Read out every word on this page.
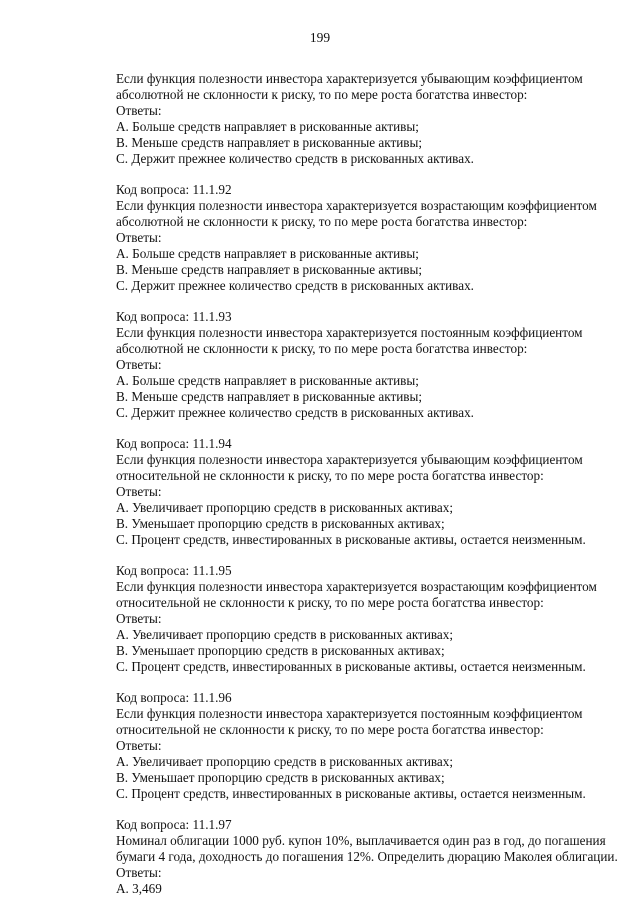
199

Если функция полезности инвестора характеризуется убывающим коэффициентом

абсолютной не склонности к риску, то по мере роста богатства инвестор:

Ответы:

А. Больше средств направляет в рискованные активы;

В. Меньше средств направляет в рискованные активы;

С. Держит прежнее количество средств в рискованных активах.

Код вопроса: 11.1.92

Если функция полезности инвестора характеризуется возрастающим коэффициентом

абсолютной не склонности к риску, то по мере роста богатства инвестор:

Ответы:

А. Больше средств направляет в рискованные активы;

В. Меньше средств направляет в рискованные активы;

С. Держит прежнее количество средств в рискованных активах.

Код вопроса: 11.1.93

Если функция полезности инвестора характеризуется постоянным коэффициентом

абсолютной не склонности к риску, то по мере роста богатства инвестор:

Ответы:

А. Больше средств направляет в рискованные активы;

В. Меньше средств направляет в рискованные активы;

С. Держит прежнее количество средств в рискованных активах.

Код вопроса: 11.1.94

Если функция полезности инвестора характеризуется убывающим коэффициентом

относительной не склонности к риску, то по мере роста богатства инвестор:

Ответы:

А. Увеличивает пропорцию средств в рискованных активах;

В. Уменьшает пропорцию средств в рискованных активах;

С. Процент средств, инвестированных в рискованые активы, остается неизменным.

Код вопроса: 11.1.95

Если функция полезности инвестора характеризуется возрастающим коэффициентом

относительной не склонности к риску, то по мере роста богатства инвестор:

Ответы:

А. Увеличивает пропорцию средств в рискованных активах;

В. Уменьшает пропорцию средств в рискованных активах;

С. Процент средств, инвестированных в рискованые активы, остается неизменным.

Код вопроса: 11.1.96

Если функция полезности инвестора характеризуется постоянным коэффициентом

относительной не склонности к риску, то по мере роста богатства инвестор:

Ответы:

А. Увеличивает пропорцию средств в рискованных активах;

В. Уменьшает пропорцию средств в рискованных активах;

С. Процент средств, инвестированных в рискованые активы, остается неизменным.

Код вопроса: 11.1.97

Номинал облигации 1000 руб. купон 10%, выплачивается один раз в год, до погашения

бумаги 4 года, доходность до погашения 12%. Определить дюрацию Маколея облигации.

Ответы:

А. 3,469
